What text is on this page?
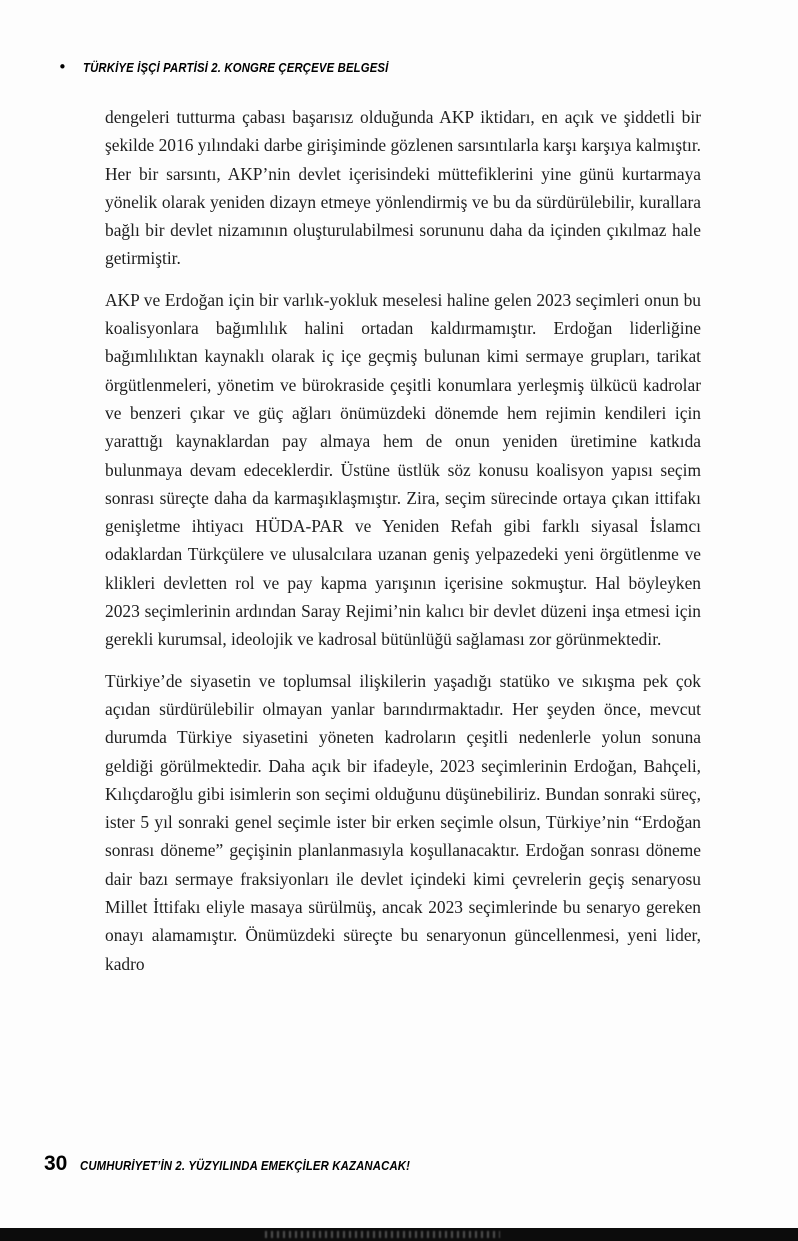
• TÜRKİYE İŞÇİ PARTİSİ 2. KONGRE ÇERÇEVE BELGESİ

dengeleri tutturma çabası başarısız olduğunda AKP iktidarı, en açık ve şiddetli bir şekilde 2016 yılındaki darbe girişiminde gözlenen sarsıntılarla karşı karşıya kalmıştır. Her bir sarsıntı, AKP’nin devlet içerisindeki müttefiklerini yine günü kurtarmaya yönelik olarak yeniden dizayn etmeye yönlendirmiş ve bu da sürdürülebilir, kurallara bağlı bir devlet nizamının oluşturulabilmesi sorununu daha da içinden çıkılmaz hale getirmiştir.

AKP ve Erdoğan için bir varlık-yokluk meselesi haline gelen 2023 seçimleri onun bu koalisyonlara bağımlılık halini ortadan kaldırmamıştır. Erdoğan liderliğine bağımlılıktan kaynaklı olarak iç içe geçmiş bulunan kimi sermaye grupları, tarikat örgütlenmeleri, yönetim ve bürokraside çeşitli konumlara yerleşmiş ülkücü kadrolar ve benzeri çıkar ve güç ağları önümüzdeki dönemde hem rejimin kendileri için yarattığı kaynaklardan pay almaya hem de onun yeniden üretimine katkıda bulunmaya devam edeceklerdir. Üstüne üstlük söz konusu koalisyon yapısı seçim sonrası süreçte daha da karmaşıklaşmıştır. Zira, seçim sürecinde ortaya çıkan ittifakı genişletme ihtiyacı HÜDA-PAR ve Yeniden Refah gibi farklı siyasal İslamcı odaklardan Türkçülere ve ulusalcılara uzanan geniş yelpazedeki yeni örgütlenme ve klikleri devletten rol ve pay kapma yarışının içerisine sokmuştur. Hal böyleyken 2023 seçimlerinin ardından Saray Rejimi’nin kalıcı bir devlet düzeni inşa etmesi için gerekli kurumsal, ideolojik ve kadrosal bütünlüğü sağlaması zor görünmektedir.

Türkiye’de siyasetin ve toplumsal ilişkilerin yaşadığı statüko ve sıkışma pek çok açıdan sürdürülebilir olmayan yanlar barındırmaktadır. Her şeyden önce, mevcut durumda Türkiye siyasetini yöneten kadroların çeşitli nedenlerle yolun sonuna geldiği görülmektedir. Daha açık bir ifadeyle, 2023 seçimlerinin Erdoğan, Bahçeli, Kılıçdaroğlu gibi isimlerin son seçimi olduğunu düşünebiliriz. Bundan sonraki süreç, ister 5 yıl sonraki genel seçimle ister bir erken seçimle olsun, Türkiye’nin “Erdoğan sonrası döneme” geçişinin planlanmasıyla koşullanacaktır. Erdoğan sonrası döneme dair bazı sermaye fraksiyonları ile devlet içindeki kimi çevrelerin geçiş senaryosu Millet İttifakı eliyle masaya sürülmüş, ancak 2023 seçimlerinde bu senaryo gereken onayı alamamıştır. Önümüzdeki süreçte bu senaryonun güncellenmesi, yeni lider, kadro

30 CUMHURİYET’İN 2. YÜZYILINDA EMEKÇİLER KAZANACAK!
